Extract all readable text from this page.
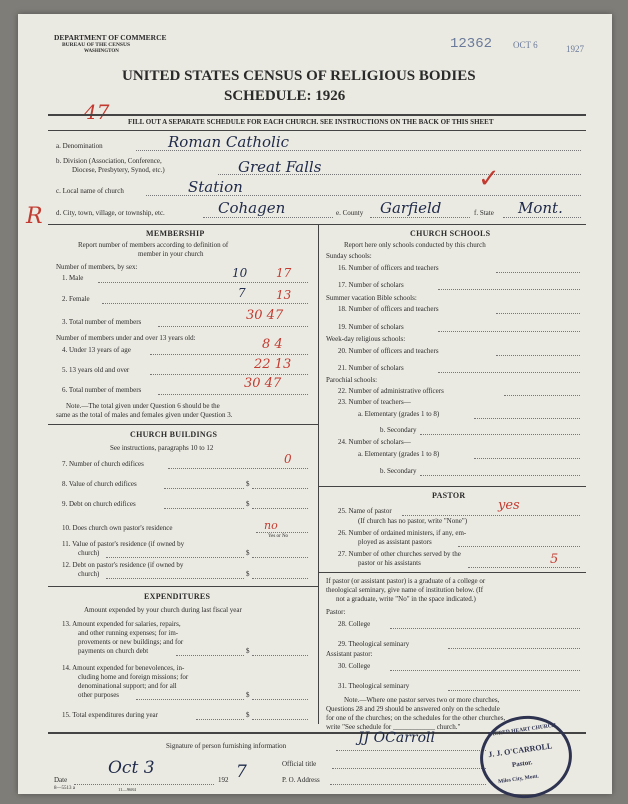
DEPARTMENT OF COMMERCE
BUREAU OF THE CENSUS
WASHINGTON	12362 OCT 6	1927
UNITED STATES CENSUS OF RELIGIOUS BODIES
SCHEDULE: 1926
47	FILL OUT A SEPARATE SCHEDULE FOR EACH CHURCH. SEE INSTRUCTIONS ON THE BACK OF THIS SHEET
a. Denomination	Roman Catholic
b. Division (Association, Conference,
Diocese, Presbytery, Synod, etc.)	Great Falls
c. Local name of church	Station
R d. City, town, village, or township, etc.	Cohagen	e. County Garfield	f. State Mont.
✓
MEMBERSHIP
Report number of members according to definition of
member in your church
Number of members, by sex:
1. Male	10 17
2. Female	7	13
3. Total number of members	30 47
Number of members under and over 13 years old:
4. Under 13 years of age	8 4
5. 13 years old and over	22 13
6. Total number of members	30 47
Note.—The total given under Question 6 should be the
same as the total of males and females given under Question 3.
CHURCH BUILDINGS
See instructions, paragraphs 10 to 12
7. Number of church edifices	0
8. Value of church edifices	$
9. Debt on church edifices	$
10. Does church own pastor's residence	no
Yes or No
11. Value of pastor's residence (if owned by
church)	$
12. Debt on pastor's residence (if owned by
church)	$
EXPENDITURES
Amount expended by your church during last fiscal year
13. Amount expended for salaries, repairs,
and other running expenses; for im-
provements or new buildings; and for
payments on church debt	$
14. Amount expended for benevolences, in-
cluding home and foreign missions; for
denominational support; and for all
other purposes	$
15. Total expenditures during year	$
CHURCH SCHOOLS
Report here only schools conducted by this church
Sunday schools:
16. Number of officers and teachers
17. Number of scholars
Summer vacation Bible schools:
18. Number of officers and teachers
19. Number of scholars
Week-day religious schools:
20. Number of officers and teachers
21. Number of scholars
Parochial schools:
22. Number of administrative officers
23. Number of teachers—
a. Elementary (grades 1 to 8)
b. Secondary
24. Number of scholars—
a. Elementary (grades 1 to 8)
b. Secondary
PASTOR
25. Name of pastor	yes
(If church has no pastor, write "None")
26. Number of ordained ministers, if any, em-
ployed as assistant pastors
27. Number of other churches served by the
pastor or his assistants	5
If pastor (or assistant pastor) is a graduate of a college or
theological seminary, give name of institution below. (If
not a graduate, write "No" in the space indicated.)
Pastor:
28. College
29. Theological seminary
Assistant pastor:
30. College
31. Theological seminary
Note.—Where one pastor serves two or more churches,
Questions 28 and 29 should be answered only on the schedule
for one of the churches; on the schedules for the other churches,
write "See schedule for ____________ church."
Signature of person furnishing information	JJ OCarroll
Official title
Date
Oct 3
192 7	P. O. Address
8—5513 a	11—9684
SACRED HEART CHURCH
J. J. O'CARROLL
Pastor.
Miles City, Mont.
